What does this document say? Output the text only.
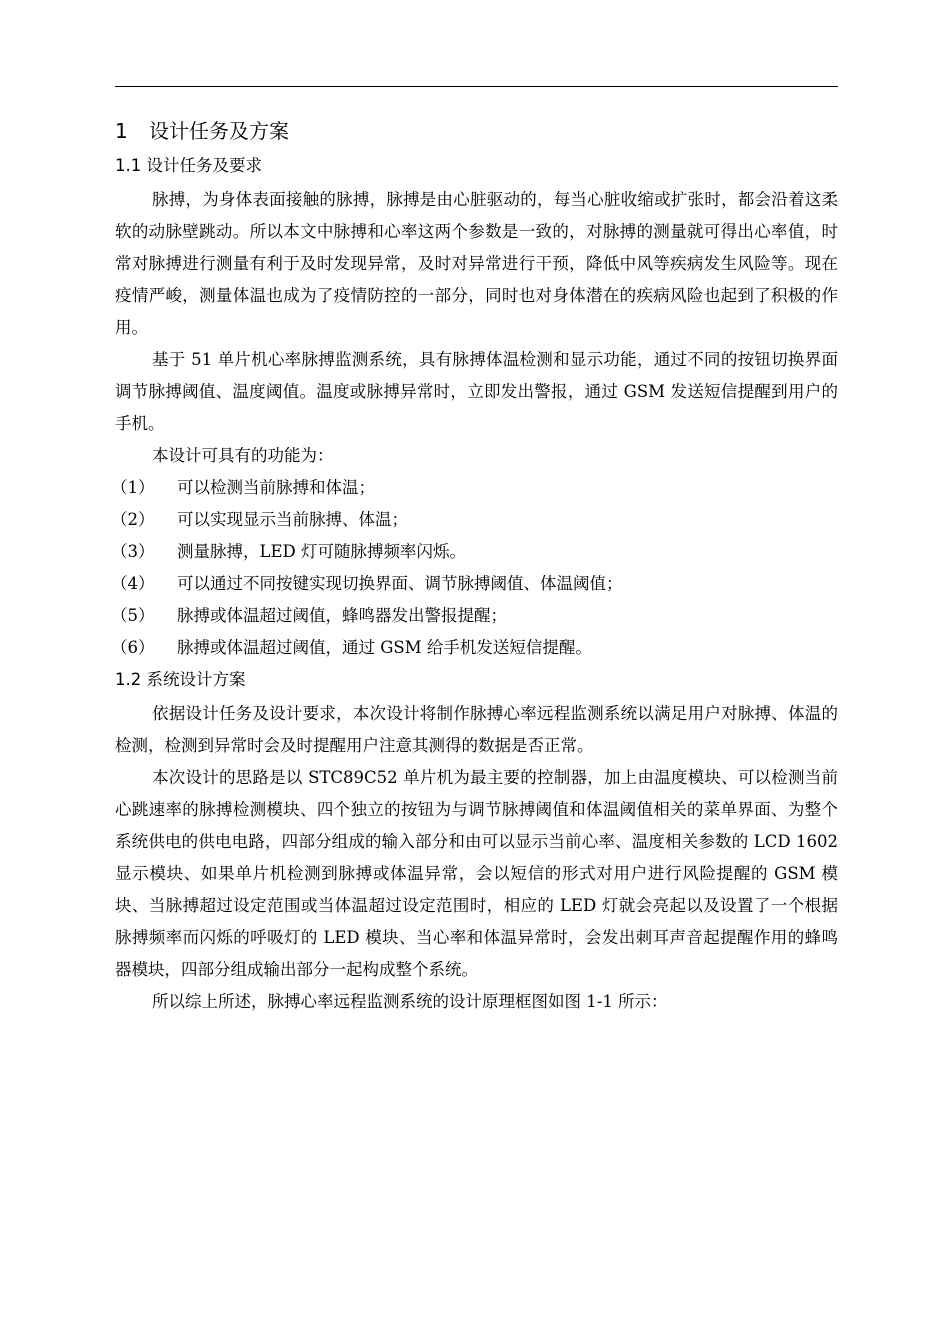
1 设计任务及方案
1.1 设计任务及要求

脉搏，为身体表面接触的脉搏，脉搏是由心脏驱动的，每当心脏收缩或扩张时，都会沿着这柔软的动脉壁跳动。所以本文中脉搏和心率这两个参数是一致的，对脉搏的测量就可得出心率值，时常对脉搏进行测量有利于及时发现异常，及时对异常进行干预，降低中风等疾病发生风险等。现在疫情严峻，测量体温也成为了疫情防控的一部分，同时也对身体潜在的疾病风险也起到了积极的作用。

基于 51 单片机心率脉搏监测系统，具有脉搏体温检测和显示功能，通过不同的按钮切换界面调节脉搏阈值、温度阈值。温度或脉搏异常时，立即发出警报，通过 GSM 发送短信提醒到用户的手机。

本设计可具有的功能为：

（1）	可以检测当前脉搏和体温；
（2）	可以实现显示当前脉搏、体温；
（3）	测量脉搏，LED 灯可随脉搏频率闪烁。
（4）	可以通过不同按键实现切换界面、调节脉搏阈值、体温阈值；
（5）	脉搏或体温超过阈值，蜂鸣器发出警报提醒；
（6）	脉搏或体温超过阈值，通过 GSM 给手机发送短信提醒。
1.2 系统设计方案

依据设计任务及设计要求，本次设计将制作脉搏心率远程监测系统以满足用户对脉搏、体温的检测，检测到异常时会及时提醒用户注意其测得的数据是否正常。

本次设计的思路是以 STC89C52 单片机为最主要的控制器，加上由温度模块、可以检测当前心跳速率的脉搏检测模块、四个独立的按钮为与调节脉搏阈值和体温阈值相关的菜单界面、为整个系统供电的供电电路，四部分组成的输入部分和由可以显示当前心率、温度相关参数的 LCD 1602 显示模块、如果单片机检测到脉搏或体温异常，会以短信的形式对用户进行风险提醒的 GSM 模块、当脉搏超过设定范围或当体温超过设定范围时，相应的 LED 灯就会亮起以及设置了一个根据脉搏频率而闪烁的呼吸灯的 LED 模块、当心率和体温异常时，会发出刺耳声音起提醒作用的蜂鸣器模块，四部分组成输出部分一起构成整个系统。

所以综上所述，脉搏心率远程监测系统的设计原理框图如图 1-1 所示：
